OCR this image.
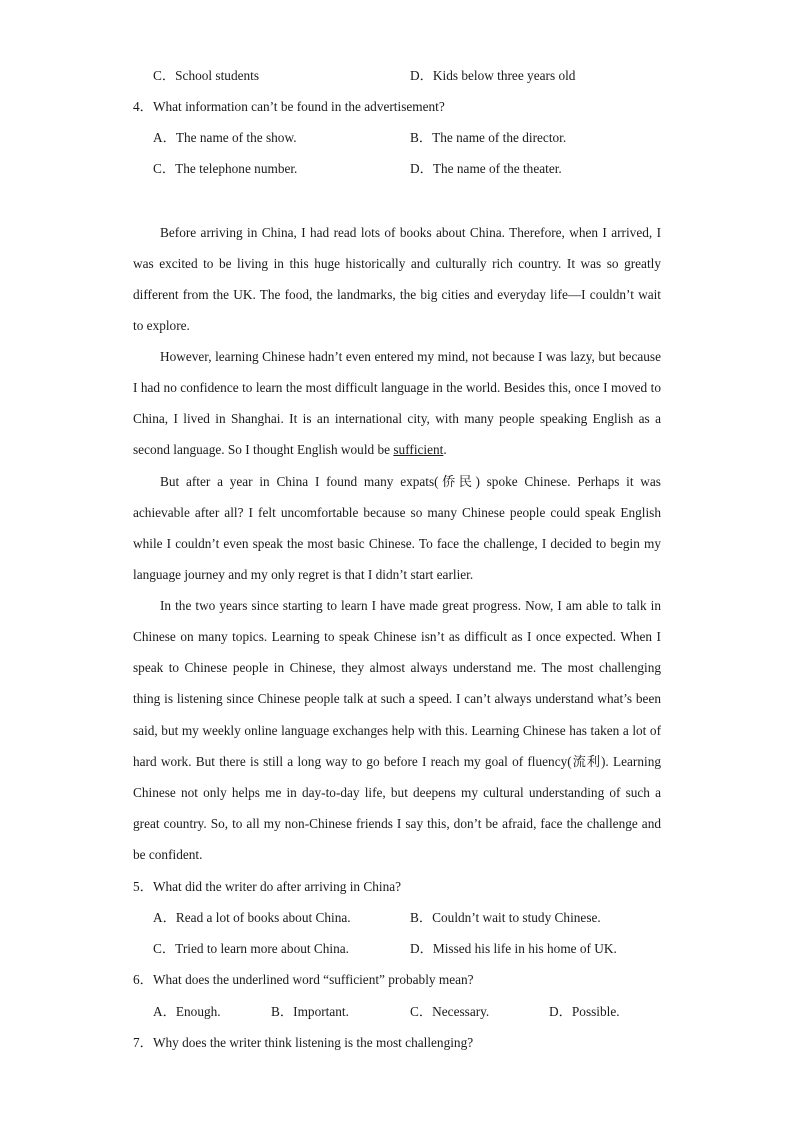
C．School students	D．Kids below three years old
4．What information can’t be found in the advertisement?
A．The name of the show.	B．The name of the director.
C．The telephone number.	D．The name of the theater.
Before arriving in China, I had read lots of books about China. Therefore, when I arrived, I was excited to be living in this huge historically and culturally rich country. It was so greatly different from the UK. The food, the landmarks, the big cities and everyday life—I couldn’t wait to explore.
However, learning Chinese hadn’t even entered my mind, not because I was lazy, but because I had no confidence to learn the most difficult language in the world. Besides this, once I moved to China, I lived in Shanghai. It is an international city, with many people speaking English as a second language. So I thought English would be sufficient.
But after a year in China I found many expats(侨民) spoke Chinese. Perhaps it was achievable after all? I felt uncomfortable because so many Chinese people could speak English while I couldn’t even speak the most basic Chinese. To face the challenge, I decided to begin my language journey and my only regret is that I didn’t start earlier.
In the two years since starting to learn I have made great progress. Now, I am able to talk in Chinese on many topics. Learning to speak Chinese isn’t as difficult as I once expected. When I speak to Chinese people in Chinese, they almost always understand me. The most challenging thing is listening since Chinese people talk at such a speed. I can’t always understand what’s been said, but my weekly online language exchanges help with this. Learning Chinese has taken a lot of hard work. But there is still a long way to go before I reach my goal of fluency(流利). Learning Chinese not only helps me in day-to-day life, but deepens my cultural understanding of such a great country. So, to all my non-Chinese friends I say this, don’t be afraid, face the challenge and be confident.
5．What did the writer do after arriving in China?
A．Read a lot of books about China.	B．Couldn’t wait to study Chinese.
C．Tried to learn more about China.	D．Missed his life in his home of UK.
6．What does the underlined word “sufficient” probably mean?
A．Enough.	B．Important.	C．Necessary.	D．Possible.
7．Why does the writer think listening is the most challenging?
